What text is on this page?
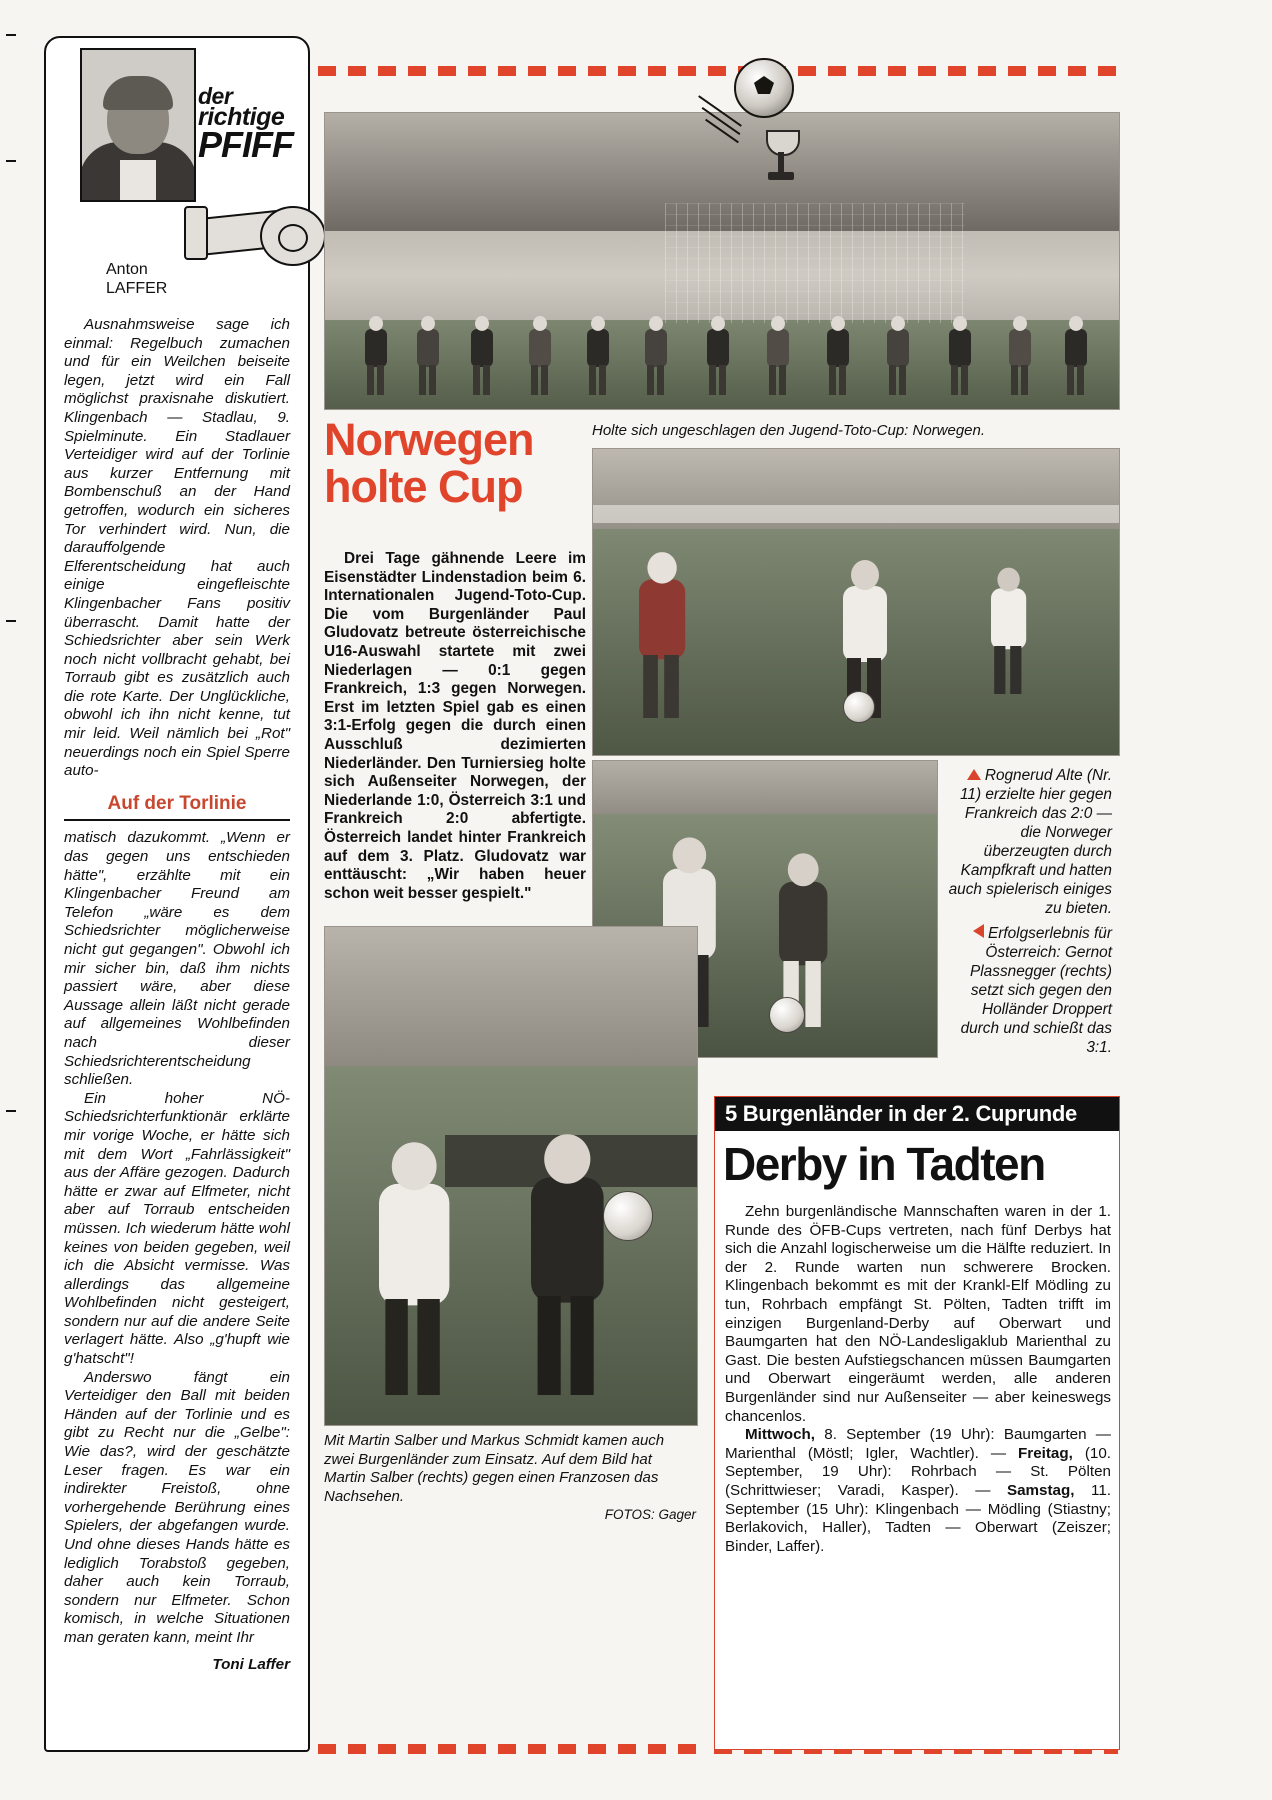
der
richtige
PFIFF
Anton
LAFFER

Ausnahmsweise sage ich einmal: Regelbuch zumachen und für ein Weilchen beiseite legen, jetzt wird ein Fall möglichst praxisnahe diskutiert. Klingenbach — Stadlau, 9. Spielminute. Ein Stadlauer Verteidiger wird auf der Torlinie aus kurzer Entfernung mit Bombenschuß an der Hand getroffen, wodurch ein sicheres Tor verhindert wird. Nun, die darauffolgende Elferentscheidung hat auch einige eingefleischte Klingenbacher Fans positiv überrascht. Damit hatte der Schiedsrichter aber sein Werk noch nicht vollbracht gehabt, bei Torraub gibt es zusätzlich auch die rote Karte. Der Unglückliche, obwohl ich ihn nicht kenne, tut mir leid. Weil nämlich bei „Rot" neuerdings noch ein Spiel Sperre auto-

Auf der Torlinie

matisch dazukommt. „Wenn er das gegen uns entschieden hätte", erzählte mit ein Klingenbacher Freund am Telefon „wäre es dem Schiedsrichter möglicherweise nicht gut gegangen". Obwohl ich mir sicher bin, daß ihm nichts passiert wäre, aber diese Aussage allein läßt nicht gerade auf allgemeines Wohlbefinden nach dieser Schiedsrichterentscheidung schließen.

Ein hoher NÖ-Schiedsrichterfunktionär erklärte mir vorige Woche, er hätte sich mit dem Wort „Fahrlässigkeit" aus der Affäre gezogen. Dadurch hätte er zwar auf Elfmeter, nicht aber auf Torraub entscheiden müssen. Ich wiederum hätte wohl keines von beiden gegeben, weil ich die Absicht vermisse. Was allerdings das allgemeine Wohlbefinden nicht gesteigert, sondern nur auf die andere Seite verlagert hätte. Also „g'hupft wie g'hatscht"!

Anderswo fängt ein Verteidiger den Ball mit beiden Händen auf der Torlinie und es gibt zu Recht nur die „Gelbe": Wie das?, wird der geschätzte Leser fragen. Es war ein indirekter Freistoß, ohne vorhergehende Berührung eines Spielers, der abgefangen wurde. Und ohne dieses Hands hätte es lediglich Torabstoß gegeben, daher auch kein Torraub, sondern nur Elfmeter. Schon komisch, in welche Situationen man geraten kann, meint Ihr

Toni Laffer
Holte sich ungeschlagen den Jugend-Toto-Cup: Norwegen.
Norwegen
holte Cup

Drei Tage gähnende Leere im Eisenstädter Lindenstadion beim 6. Internationalen Jugend-Toto-Cup. Die vom Burgenländer Paul Gludovatz betreute österreichische U16-Auswahl startete mit zwei Niederlagen — 0:1 gegen Frankreich, 1:3 gegen Norwegen. Erst im letzten Spiel gab es einen 3:1-Erfolg gegen die durch einen Ausschluß dezimierten Niederländer. Den Turniersieg holte sich Außenseiter Norwegen, der Niederlande 1:0, Österreich 3:1 und Frankreich 2:0 abfertigte. Österreich landet hinter Frankreich auf dem 3. Platz. Gludovatz war enttäuscht: „Wir haben heuer schon weit besser gespielt."

Rognerud Alte (Nr. 11) erzielte hier gegen Frankreich das 2:0 — die Norweger überzeugten durch Kampfkraft und hatten auch spielerisch einiges zu bieten.

Erfolgserlebnis für Österreich: Gernot Plassnegger (rechts) setzt sich gegen den Holländer Droppert durch und schießt das 3:1.

Mit Martin Salber und Markus Schmidt kamen auch zwei Burgenländer zum Einsatz. Auf dem Bild hat Martin Salber (rechts) gegen einen Franzosen das Nachsehen.
FOTOS: Gager
5 Burgenländer in der 2. Cuprunde
Derby in Tadten

Zehn burgenländische Mannschaften waren in der 1. Runde des ÖFB-Cups vertreten, nach fünf Derbys hat sich die Anzahl logischerweise um die Hälfte reduziert. In der 2. Runde warten nun schwerere Brocken. Klingenbach bekommt es mit der Krankl-Elf Mödling zu tun, Rohrbach empfängt St. Pölten, Tadten trifft im einzigen Burgenland-Derby auf Oberwart und Baumgarten hat den NÖ-Landesligaklub Marienthal zu Gast. Die besten Aufstiegschancen müssen Baumgarten und Oberwart eingeräumt werden, alle anderen Burgenländer sind nur Außenseiter — aber keineswegs chancenlos.

Mittwoch, 8. September (19 Uhr): Baumgarten — Marienthal (Möstl; Igler, Wachtler). — Freitag, (10. September, 19 Uhr): Rohrbach — St. Pölten (Schrittwieser; Varadi, Kasper). — Samstag, 11. September (15 Uhr): Klingenbach — Mödling (Stiastny; Berlakovich, Haller), Tadten — Oberwart (Zeiszer; Binder, Laffer).
